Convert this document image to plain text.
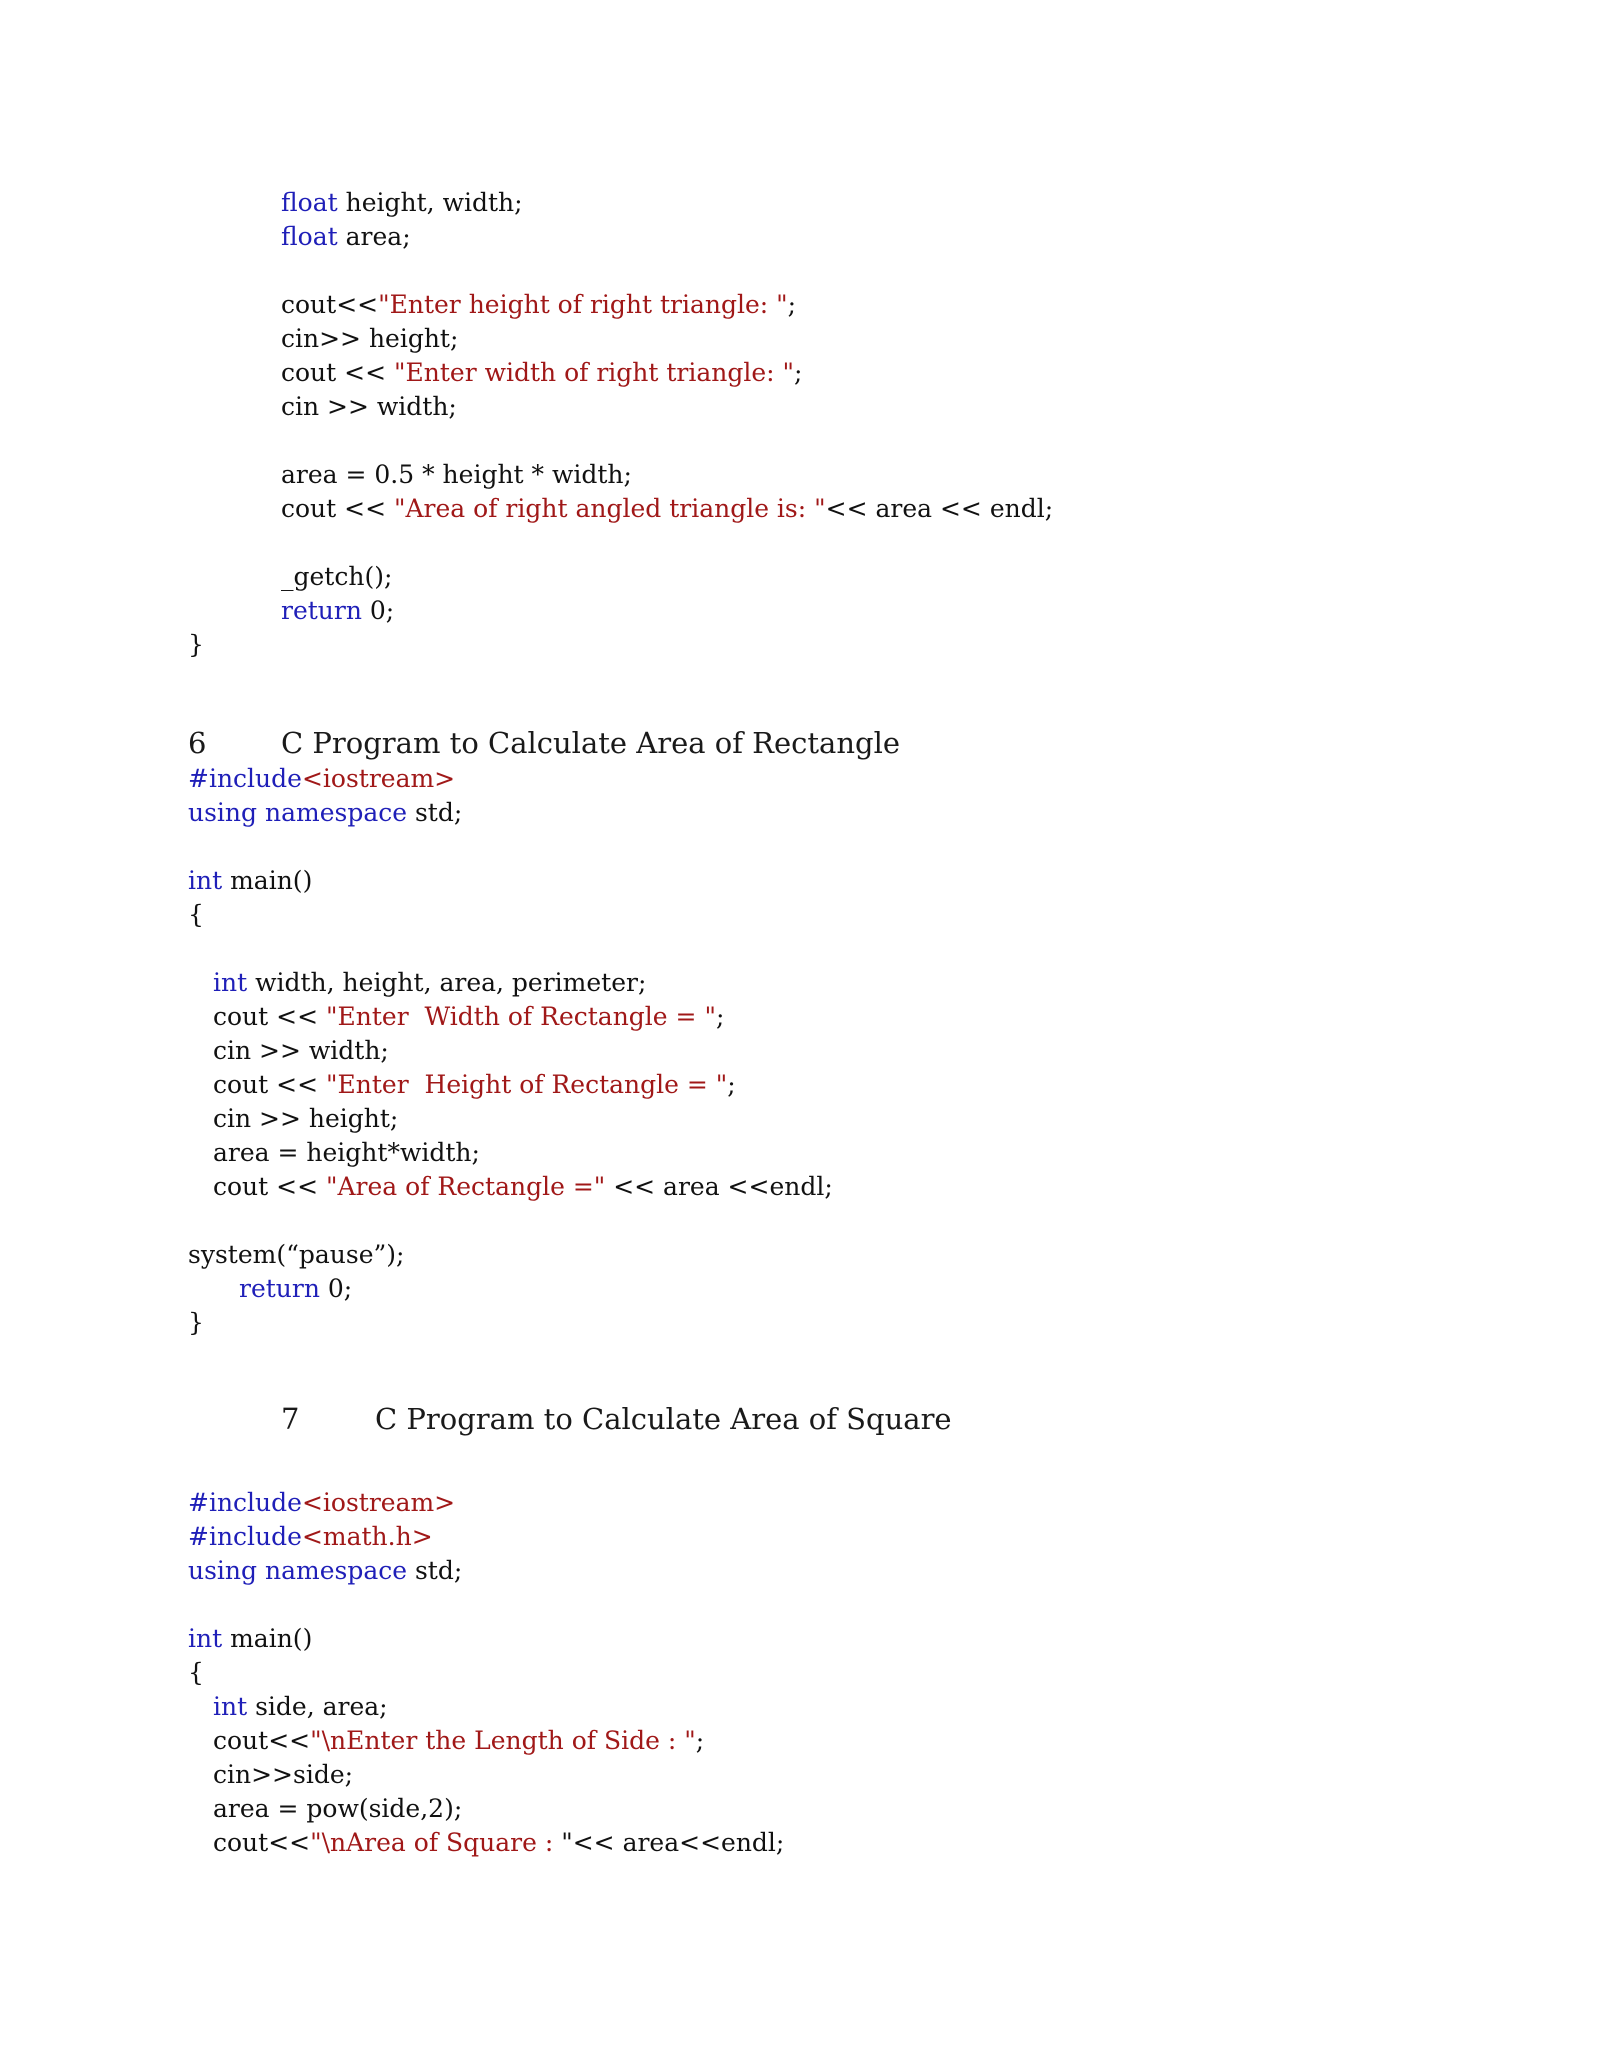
float height, width;
float area;
cout<<"Enter height of right triangle: ";
cin>> height;
cout << "Enter width of right triangle: ";
cin >> width;
area = 0.5 * height * width;
cout << "Area of right angled triangle is: "<< area << endl;
_getch();
return 0;
}
6	C Program to Calculate Area of Rectangle
#include<iostream>
using namespace std;
int main()
{
int width, height, area, perimeter;
cout << "Enter  Width of Rectangle = ";
cin >> width;
cout << "Enter  Height of Rectangle = ";
cin >> height;
area = height*width;
cout << "Area of Rectangle =" << area <<endl;
system(“pause”);
return 0;
}
7	C Program to Calculate Area of Square
#include<iostream>
#include<math.h>
using namespace std;
int main()
{
int side, area;
cout<<"\nEnter the Length of Side : ";
cin>>side;
area = pow(side,2);
cout<<"\nArea of Square : "<< area<<endl;
